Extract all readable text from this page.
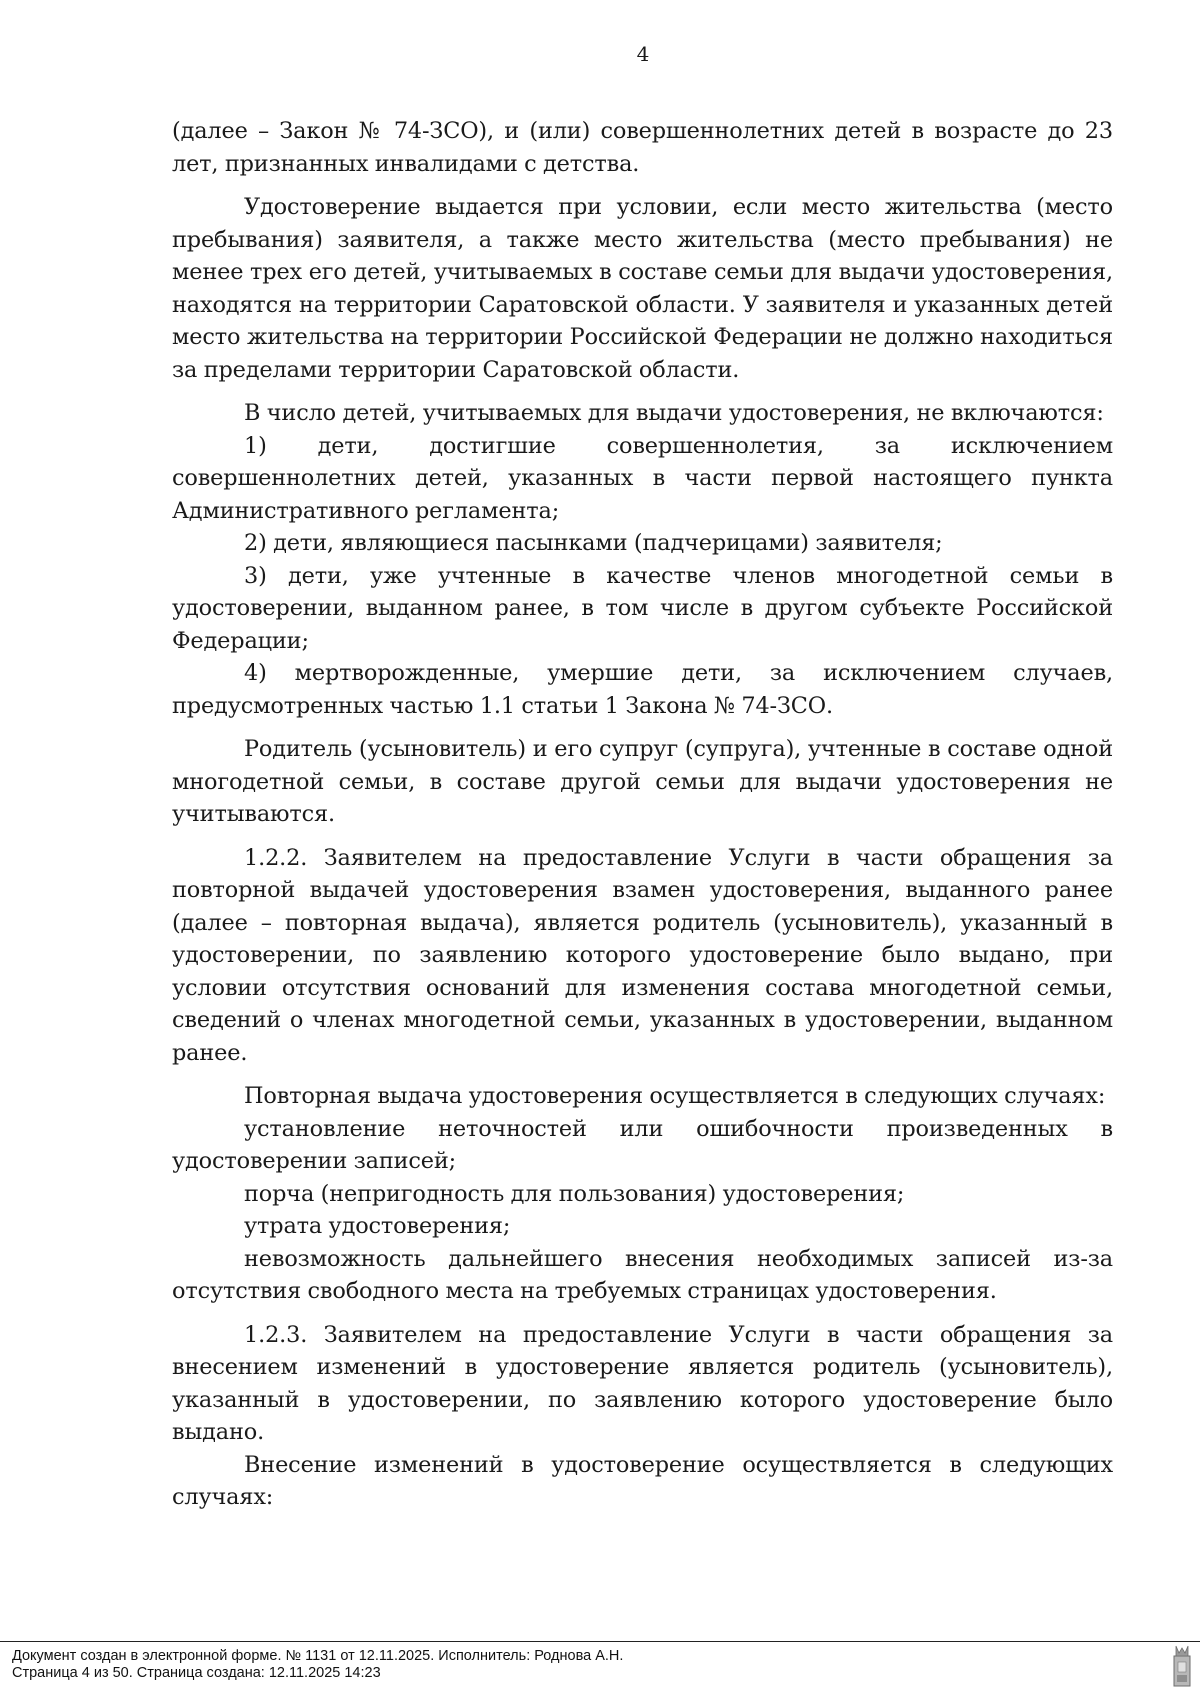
4

(далее – Закон № 74-ЗСО), и (или) совершеннолетних детей в возрасте до 23 лет, признанных инвалидами с детства.

Удостоверение выдается при условии, если место жительства (место пребывания) заявителя, а также место жительства (место пребывания) не менее трех его детей, учитываемых в составе семьи для выдачи удостоверения, находятся на территории Саратовской области. У заявителя и указанных детей место жительства на территории Российской Федерации не должно находиться за пределами территории Саратовской области.

В число детей, учитываемых для выдачи удостоверения, не включаются:

1) дети, достигшие совершеннолетия, за исключением совершеннолетних детей, указанных в части первой настоящего пункта Административного регламента;

2) дети, являющиеся пасынками (падчерицами) заявителя;

3) дети, уже учтенные в качестве членов многодетной семьи в удостоверении, выданном ранее, в том числе в другом субъекте Российской Федерации;

4) мертворожденные, умершие дети, за исключением случаев, предусмотренных частью 1.1 статьи 1 Закона № 74-ЗСО.

Родитель (усыновитель) и его супруг (супруга), учтенные в составе одной многодетной семьи, в составе другой семьи для выдачи удостоверения не учитываются.

1.2.2. Заявителем на предоставление Услуги в части обращения за повторной выдачей удостоверения взамен удостоверения, выданного ранее (далее – повторная выдача), является родитель (усыновитель), указанный в удостоверении, по заявлению которого удостоверение было выдано, при условии отсутствия оснований для изменения состава многодетной семьи, сведений о членах многодетной семьи, указанных в удостоверении, выданном ранее.

Повторная выдача удостоверения осуществляется в следующих случаях:

установление неточностей или ошибочности произведенных в удостоверении записей;

порча (непригодность для пользования) удостоверения;

утрата удостоверения;

невозможность дальнейшего внесения необходимых записей из-за отсутствия свободного места на требуемых страницах удостоверения.

1.2.3. Заявителем на предоставление Услуги в части обращения за внесением изменений в удостоверение является родитель (усыновитель), указанный в удостоверении, по заявлению которого удостоверение было выдано.

Внесение изменений в удостоверение осуществляется в следующих случаях:

Документ создан в электронной форме. № 1131 от 12.11.2025. Исполнитель: Роднова А.Н.
Страница 4 из 50. Страница создана: 12.11.2025 14:23
